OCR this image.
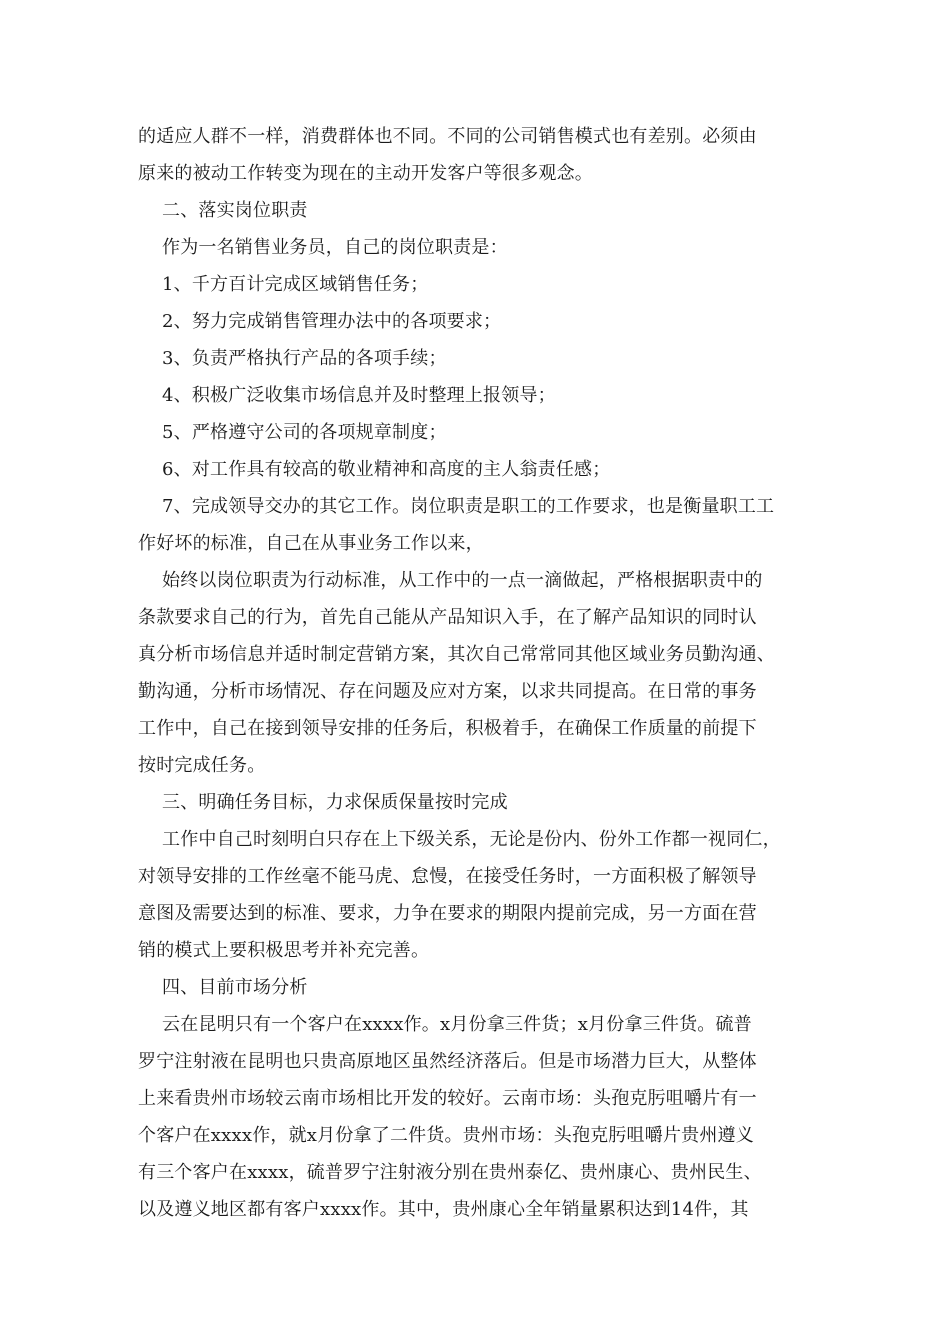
的适应人群不一样，消费群体也不同。不同的公司销售模式也有差别。必须由
原来的被动工作转变为现在的主动开发客户等很多观念。
二、落实岗位职责
作为一名销售业务员，自己的岗位职责是：
1、千方百计完成区域销售任务；
2、努力完成销售管理办法中的各项要求；
3、负责严格执行产品的各项手续；
4、积极广泛收集市场信息并及时整理上报领导；
5、严格遵守公司的各项规章制度；
6、对工作具有较高的敬业精神和高度的主人翁责任感；
7、完成领导交办的其它工作。岗位职责是职工的工作要求，也是衡量职工工
作好坏的标准，自己在从事业务工作以来，
始终以岗位职责为行动标准，从工作中的一点一滴做起，严格根据职责中的
条款要求自己的行为，首先自己能从产品知识入手，在了解产品知识的同时认
真分析市场信息并适时制定营销方案，其次自己常常同其他区域业务员勤沟通、
勤沟通，分析市场情况、存在问题及应对方案，以求共同提高。在日常的事务
工作中，自己在接到领导安排的任务后，积极着手，在确保工作质量的前提下
按时完成任务。
三、明确任务目标，力求保质保量按时完成
工作中自己时刻明白只存在上下级关系，无论是份内、份外工作都一视同仁，
对领导安排的工作丝毫不能马虎、怠慢，在接受任务时，一方面积极了解领导
意图及需要达到的标准、要求，力争在要求的期限内提前完成，另一方面在营
销的模式上要积极思考并补充完善。
四、目前市场分析
云在昆明只有一个客户在xxxx作。x月份拿三件货；x月份拿三件货。硫普
罗宁注射液在昆明也只贵高原地区虽然经济落后。但是市场潜力巨大，从整体
上来看贵州市场较云南市场相比开发的较好。云南市场：头孢克肟咀嚼片有一
个客户在xxxx作，就x月份拿了二件货。贵州市场：头孢克肟咀嚼片贵州遵义
有三个客户在xxxx，硫普罗宁注射液分别在贵州泰亿、贵州康心、贵州民生、
以及遵义地区都有客户xxxx作。其中，贵州康心全年销量累积达到14件，其
